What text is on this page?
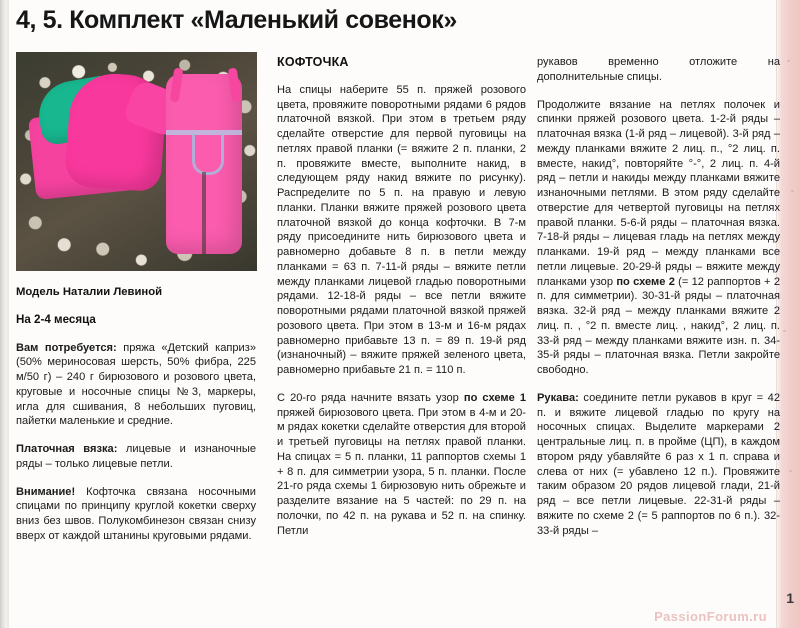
4, 5. Комплект «Маленький совенок»

Модель Наталии Левиной

На 2-4 месяца

Вам потребуется: пряжа «Детский каприз» (50% мериносовая шерсть, 50% фибра, 225 м/50 г) – 240 г бирюзового и розового цвета, круговые и носочные спицы №3, маркеры, игла для сшивания, 8 небольших пуговиц, пайетки маленькие и средние.

Платочная вязка: лицевые и изнаночные ряды – только лицевые петли.

Внимание! Кофточка связана носочными спицами по принципу круглой кокетки сверху вниз без швов. Полукомбинезон связан снизу вверх от каждой штанины круговыми рядами.

КОФТОЧКА

На спицы наберите 55 п. пряжей розового цвета, провяжите поворотными рядами 6 рядов платочной вязкой. При этом в третьем ряду сделайте отверстие для первой пуговицы на петлях правой планки (= вяжите 2 п. планки, 2 п. провяжите вместе, выполните накид, в следующем ряду накид вяжите по рисунку). Распределите по 5 п. на правую и левую планки. Планки вяжите пряжей розового цвета платочной вязкой до конца кофточки. В 7-м ряду присоедините нить бирюзового цвета и равномерно добавьте 8 п. в петли между планками = 63 п. 7-11-й ряды – вяжите петли между планками лицевой гладью поворотными рядами. 12-18-й ряды – все петли вяжите поворотными рядами платочной вязкой пряжей розового цвета. При этом в 13-м и 16-м рядах равномерно прибавьте 13 п. = 89 п. 19-й ряд (изнаночный) – вяжите пряжей зеленого цвета, равномерно прибавьте 21 п. = 110 п.

С 20-го ряда начните вязать узор по схеме 1 пряжей бирюзового цвета. При этом в 4-м и 20-м рядах кокетки сделайте отверстия для второй и третьей пуговицы на петлях правой планки. На спицах = 5 п. планки, 11 раппортов схемы 1 + 8 п. для симметрии узора, 5 п. планки. После 21-го ряда схемы 1 бирюзовую нить обрежьте и разделите вязание на 5 частей: по 29 п. на полочки, по 42 п. на рукава и 52 п. на спинку. Петли

рукавов временно отложите на дополнительные спицы.

Продолжите вязание на петлях полочек и спинки пряжей розового цвета. 1-2-й ряды – платочная вязка (1-й ряд – лицевой). 3-й ряд – между планками вяжите 2 лиц. п., °2 лиц. п. вместе, накид°, повторяйте °-°, 2 лиц. п. 4-й ряд – петли и накиды между планками вяжите изнаночными петлями. В этом ряду сделайте отверстие для четвертой пуговицы на петлях правой планки. 5-6-й ряды – платочная вязка. 7-18-й ряды – лицевая гладь на петлях между планками. 19-й ряд – между планками все петли лицевые. 20-29-й ряды – вяжите между планками узор по схеме 2 (= 12 раппортов + 2 п. для симметрии). 30-31-й ряды – платочная вязка. 32-й ряд – между планками вяжите 2 лиц. п. , °2 п. вместе лиц. , накид°, 2 лиц. п. 33-й ряд – между планками вяжите изн. п. 34-35-й ряды – платочная вязка. Петли закройте свободно.

Рукава: соедините петли рукавов в круг = 42 п. и вяжите лицевой гладью по кругу на носочных спицах. Выделите маркерами 2 центральные лиц. п. в пройме (ЦП), в каждом втором ряду убавляйте 6 раз х 1 п. справа и слева от них (= убавлено 12 п.). Провяжите таким образом 20 рядов лицевой глади, 21-й ряд – все петли лицевые. 22-31-й ряды – вяжите по схеме 2 (= 5 раппортов по 6 п.). 32-33-й ряды –

PassionForum.ru
1
